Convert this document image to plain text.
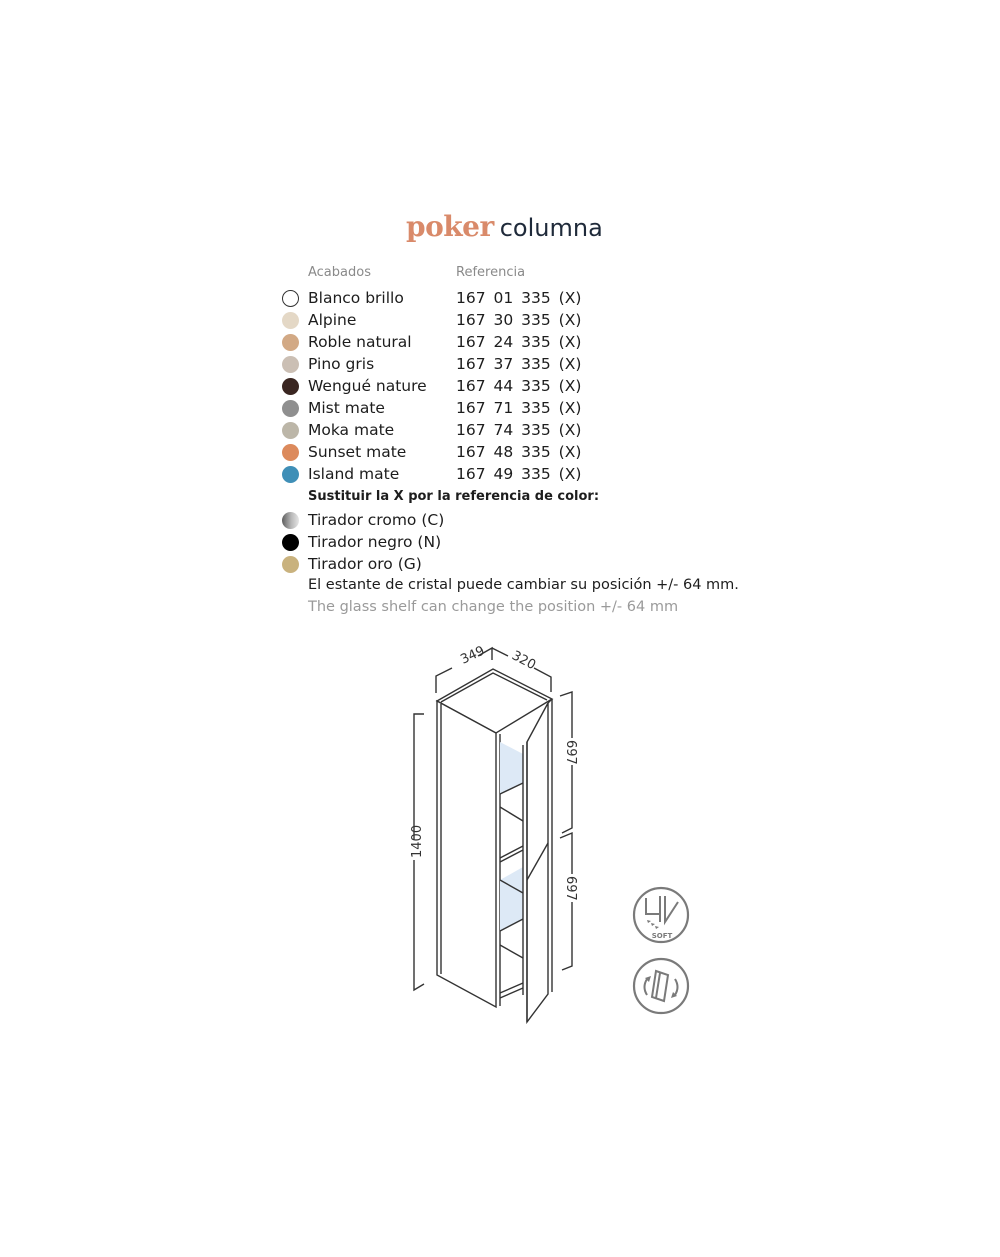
poker columna
Acabados	Referencia
Blanco brillo	167 01 335 (X)
Alpine	167 30 335 (X)
Roble natural	167 24 335 (X)
Pino gris	167 37 335 (X)
Wengué nature 167 44 335 (X)
Mist mate	167 71 335 (X)
Moka mate	167 74 335 (X)
Sunset mate	167 48 335 (X)
Island mate	167 49 335 (X)
Sustituir la X por la referencia de color:
Tirador cromo (C)
Tirador negro (N)
Tirador oro (G)
El estante de cristal puede cambiar su posición +/- 64 mm.
The glass shelf can change the position +/- 64 mm
349 320
1400
697
697
SOFT
